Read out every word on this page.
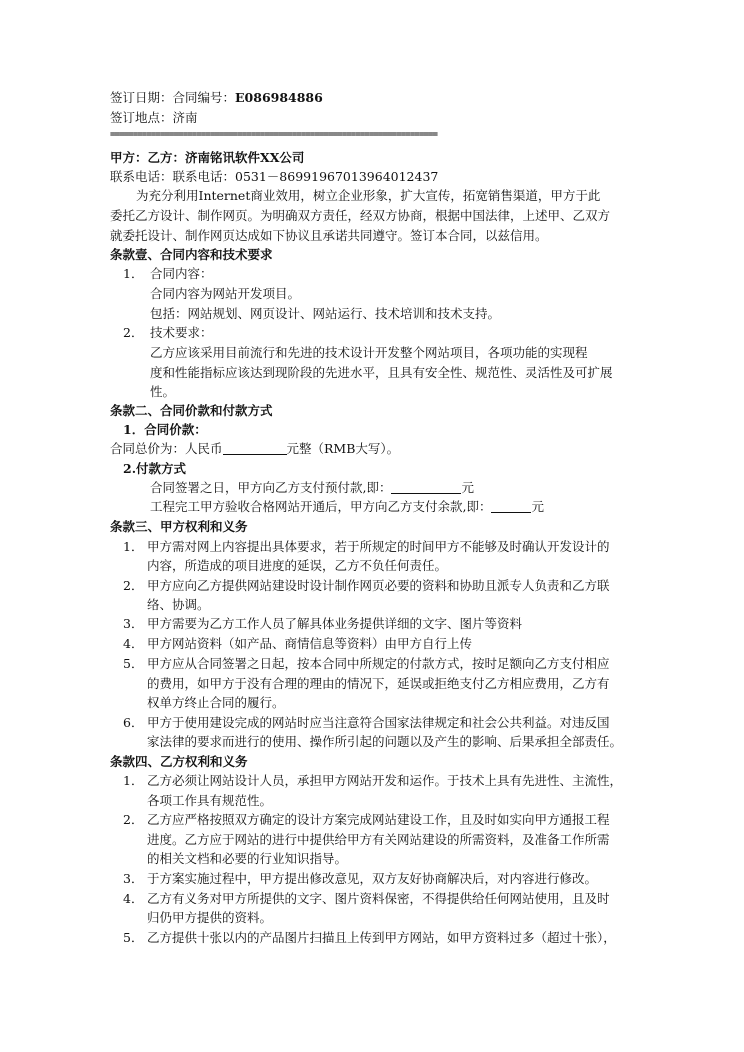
签订日期：合同编号：E086984886
签订地点：济南
========================================================================
甲方：乙方：济南铭讯软件XX公司
联系电话：联系电话：0531－8699196701396401243​7
为充分利用Internet商业效用，树立企业形象，扩大宣传，拓宽销售渠道，甲方于此
委托乙方设计、制作网页。为明确双方责任，经双方协商，根据中国法律，上述甲、乙双方
就委托设计、制作网页达成如下协议且承诺共同遵守。签订本合同，以兹信用。
条款壹、合同内容和技术要求
1． 合同内容：
合同内容为网站开发项目。
包括：网站规划、网页设计、网站运行、技术培训和技术支持。
2． 技术要求：
乙方应该采用目前流行和先进的技术设计开发整个网站项目，各项功能的实现程
度和性能指标应该达到现阶段的先进水平，且具有安全性、规范性、灵活性及可扩展
性。
条款二、合同价款和付款方式
1．合同价款：
合同总价为：人民币	元整（RMB大写）。
2.付款方式
合同签署之日，甲方向乙方支付预付款,即：	元
工程完工甲方验收合格网站开通后，甲方向乙方支付余款,即：	元
条款三、甲方权利和义务
1． 甲方需对网上内容提出具体要求，若于所规定的时间甲方不能够及时确认开发设计的
内容，所造成的项目进度的延误，乙方不负任何责任。
2． 甲方应向乙方提供网站建设时设计制作网页必要的资料和协助且派专人负责和乙方联
络、协调。
3． 甲方需要为乙方工作人员了解具体业务提供详细的文字、图片等资料
4． 甲方网站资料（如产品、商情信息等资料）由甲方自行上传
5． 甲方应从合同签署之日起，按本合同中所规定的付款方式，按时足额向乙方支付相应
的费用，如甲方于没有合理的理由的情况下，延误或拒绝支付乙方相应费用，乙方有
权单方终止合同的履行。
6． 甲方于使用建设完成的网站时应当注意符合国家法律规定和社会公共利益。对违反国
家法律的要求而进行的使用、操作所引起的问题以及产生的影响、后果承担全部责任。
条款四、乙方权利和义务
1． 乙方必须让网站设计人员，承担甲方网站开发和运作。于技术上具有先进性、主流性，
各项工作具有规范性。
2． 乙方应严格按照双方确定的设计方案完成网站建设工作，且及时如实向甲方通报工程
进度。乙方应于网站的进行中提供给甲方有关网站建设的所需资料，及准备工作所需
的相关文档和必要的行业知识指导。
3． 于方案实施过程中，甲方提出修改意见，双方友好协商解决后，对内容进行修改。
4． 乙方有义务对甲方所提供的文字、图片资料保密，不得提供给任何网站使用，且及时
归仍甲方提供的资料。
5． 乙方提供十张以内的产品图片扫描且上传到甲方网站，如甲方资料过多（超过十张），
